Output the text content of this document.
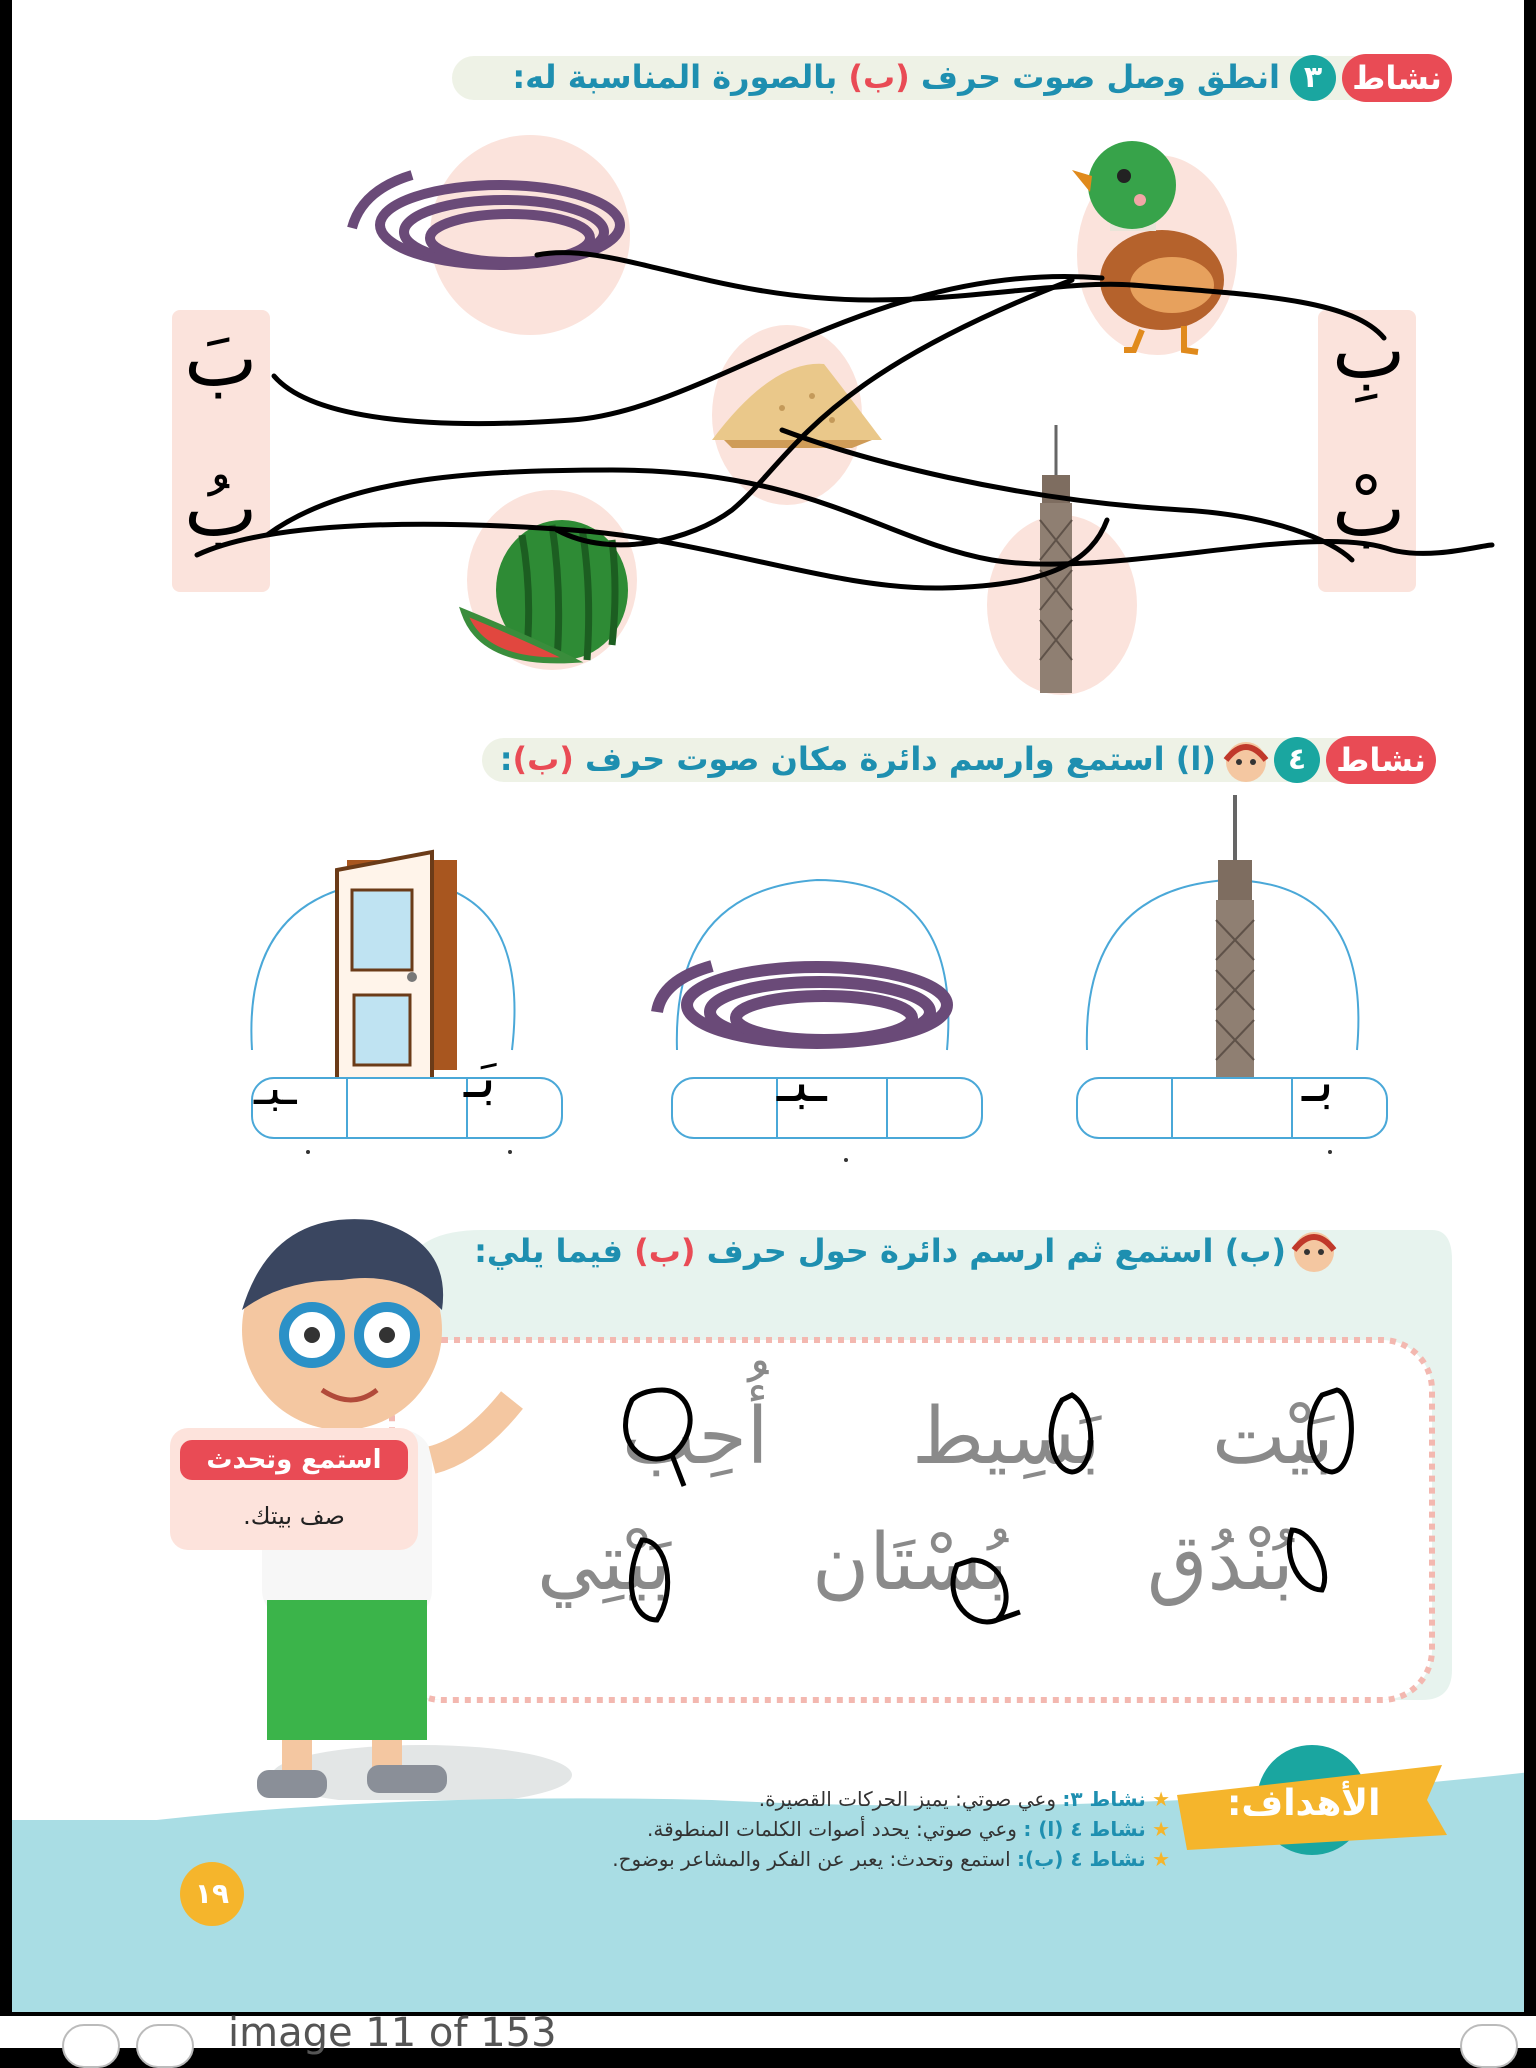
نشاط
٣
انطق وصل صوت حرف (ب) بالصورة المناسبة له:
بَ
بُ
بِ
بْ
نشاط
٤
(ا) استمع وارسم دائرة مكان صوت حرف (ب):
بَـ
ـبـ	ـبـ	بـ
(ب) استمع ثم ارسم دائرة حول حرف (ب) فيما يلي:
بَيْت
بَسِيط
أُحِب
بُنْدُق
بُسْتَان
بَيْتِي
استمع وتحدث
صف بيتك.
الأهداف:
★ نشاط ٣: وعي صوتي: يميز الحركات القصيرة.
★ نشاط ٤ (ا) : وعي صوتي: يحدد أصوات الكلمات المنطوقة.
★ نشاط ٤ (ب): استمع وتحدث: يعبر عن الفكر والمشاعر بوضوح.
١٩
image 11 of 153
